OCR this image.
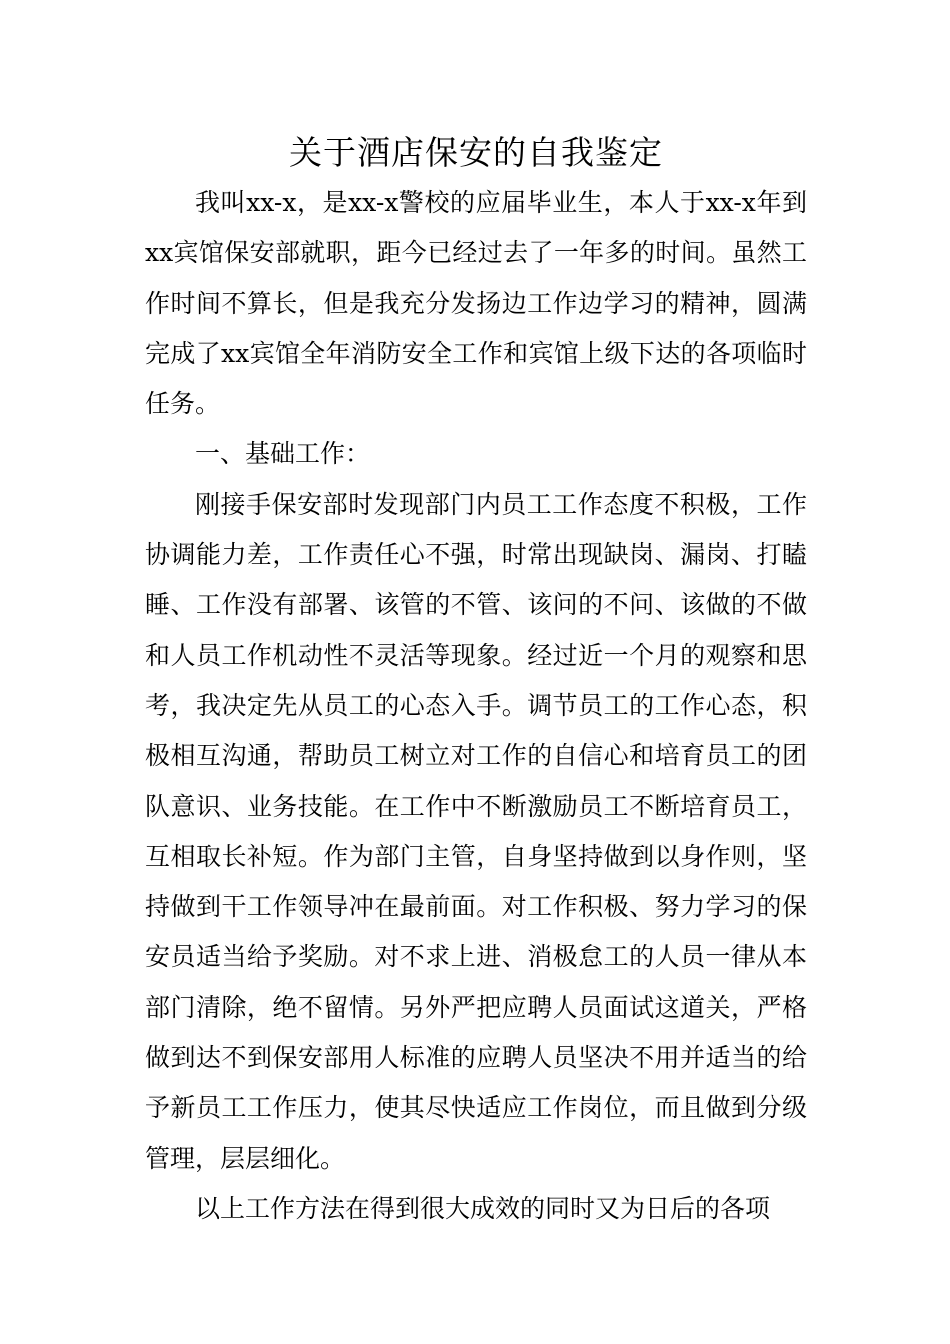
关于酒店保安的自我鉴定

我叫xx-x，是xx-x警校的应届毕业生，本人于xx-x年到xx宾馆保安部就职，距今已经过去了一年多的时间。虽然工作时间不算长，但是我充分发扬边工作边学习的精神，圆满完成了xx宾馆全年消防安全工作和宾馆上级下达的各项临时任务。

一、基础工作：

刚接手保安部时发现部门内员工工作态度不积极，工作协调能力差，工作责任心不强，时常出现缺岗、漏岗、打瞌睡、工作没有部署、该管的不管、该问的不问、该做的不做和人员工作机动性不灵活等现象。经过近一个月的观察和思考，我决定先从员工的心态入手。调节员工的工作心态，积极相互沟通，帮助员工树立对工作的自信心和培育员工的团队意识、业务技能。在工作中不断激励员工不断培育员工，互相取长补短。作为部门主管，自身坚持做到以身作则，坚持做到干工作领导冲在最前面。对工作积极、努力学习的保安员适当给予奖励。对不求上进、消极怠工的人员一律从本部门清除，绝不留情。另外严把应聘人员面试这道关，严格做到达不到保安部用人标准的应聘人员坚决不用并适当的给予新员工工作压力，使其尽快适应工作岗位，而且做到分级管理，层层细化。

以上工作方法在得到很大成效的同时又为日后的各项
